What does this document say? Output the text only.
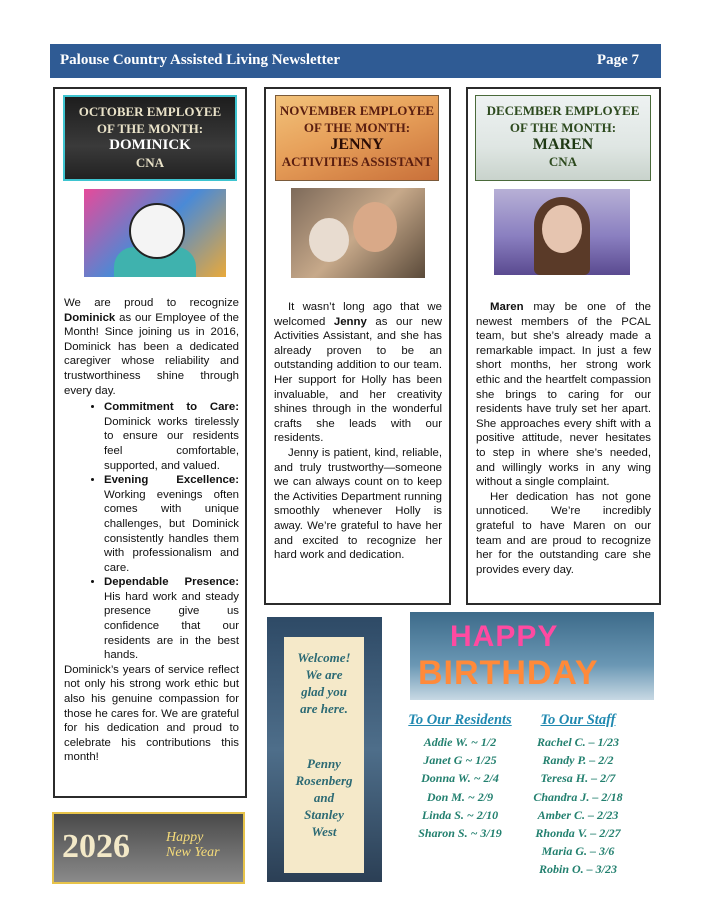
Palouse Country Assisted Living Newsletter	Page 7
OCTOBER EMPLOYEE
OF THE MONTH:
DOMINICK
CNA

We are proud to recognize Dominick as our Employee of the Month! Since joining us in 2016, Dominick has been a dedicated caregiver whose reliability and trustworthiness shine through every day.

• Commitment to Care: Dominick works tirelessly to ensure our residents feel comfortable, supported, and valued.
• Evening Excellence: Working evenings often comes with unique challenges, but Dominick consistently handles them with professionalism and care.
• Dependable Presence: His hard work and steady presence give us confidence that our residents are in the best hands.

Dominick’s years of service reflect not only his strong work ethic but also his genuine compassion for those he cares for. We are grateful for his dedication and proud to celebrate his contributions this month!

NOVEMBER EMPLOYEE
OF THE MONTH:
JENNY
ACTIVITIES ASSISTANT

It wasn’t long ago that we welcomed Jenny as our new Activities Assistant, and she has already proven to be an outstanding addition to our team. Her support for Holly has been invaluable, and her creativity shines through in the wonderful crafts she leads with our residents.

Jenny is patient, kind, reliable, and truly trustworthy—someone we can always count on to keep the Activities Department running smoothly whenever Holly is away. We’re grateful to have her and excited to recognize her hard work and dedication.

DECEMBER EMPLOYEE
OF THE MONTH:
MAREN
CNA

Maren may be one of the newest members of the PCAL team, but she’s already made a remarkable impact. In just a few short months, her strong work ethic and the heartfelt compassion she brings to caring for our residents have truly set her apart. She approaches every shift with a positive attitude, never hesitates to step in where she’s needed, and willingly works in any wing without a single complaint.

Her dedication has not gone unnoticed. We’re incredibly grateful to have Maren on our team and are proud to recognize her for the outstanding care she provides every day.

2026	Happy
New Year
Welcome!
We are
glad you
are here.
Penny
Rosenberg
and
Stanley
West
HAPPY
BIRTHDAY
To Our Residents
Addie W. ~ 1/2
Janet G ~ 1/25
Donna W. ~ 2/4
Don M. ~ 2/9
Linda S. ~ 2/10
Sharon S. ~ 3/19
To Our Staff
Rachel C. – 1/23
Randy P. – 2/2
Teresa H. – 2/7
Chandra J. – 2/18
Amber C. – 2/23
Rhonda V. – 2/27
Maria G. – 3/6
Robin O. – 3/23
